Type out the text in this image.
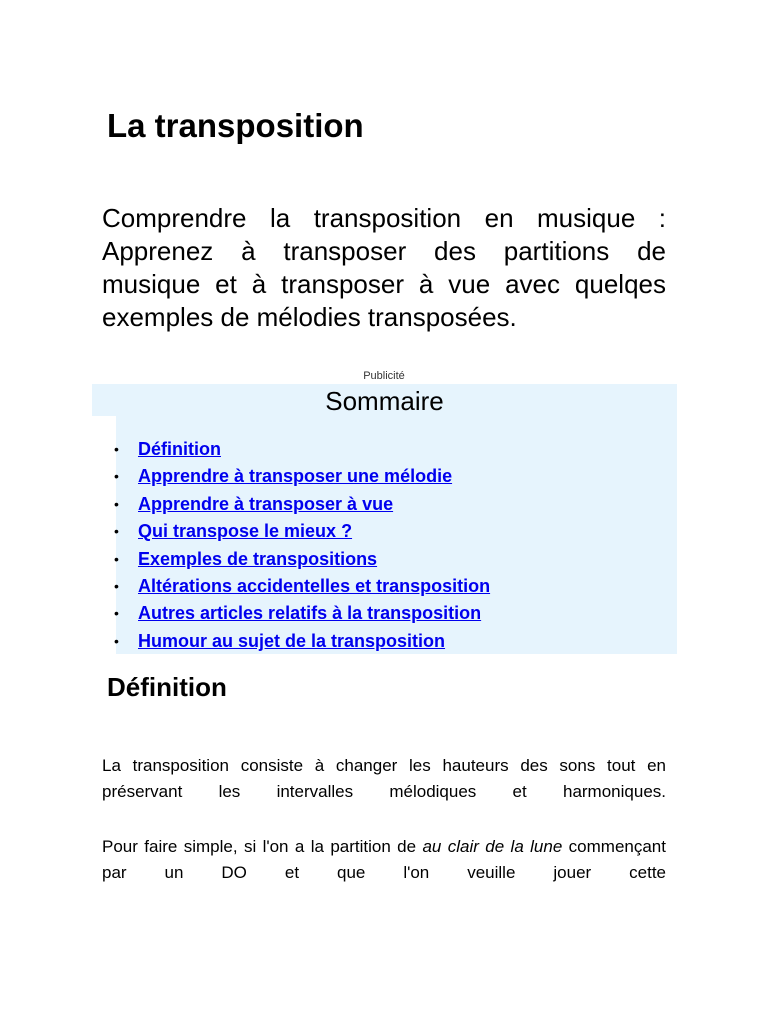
La transposition

Comprendre la transposition en musique : Apprenez à transposer des partitions de musique et à transposer à vue avec quelqes exemples de mélodies transposées.

Publicité
Sommaire
• Définition
• Apprendre à transposer une mélodie
• Apprendre à transposer à vue
• Qui transpose le mieux ?
• Exemples de transpositions
• Altérations accidentelles et transposition
• Autres articles relatifs à la transposition
• Humour au sujet de la transposition
Définition

La transposition consiste à changer les hauteurs des sons tout en préservant les intervalles mélodiques et harmoniques.

Pour faire simple, si l'on a la partition de au clair de la lune commençant par un DO et que l'on veuille jouer cette
